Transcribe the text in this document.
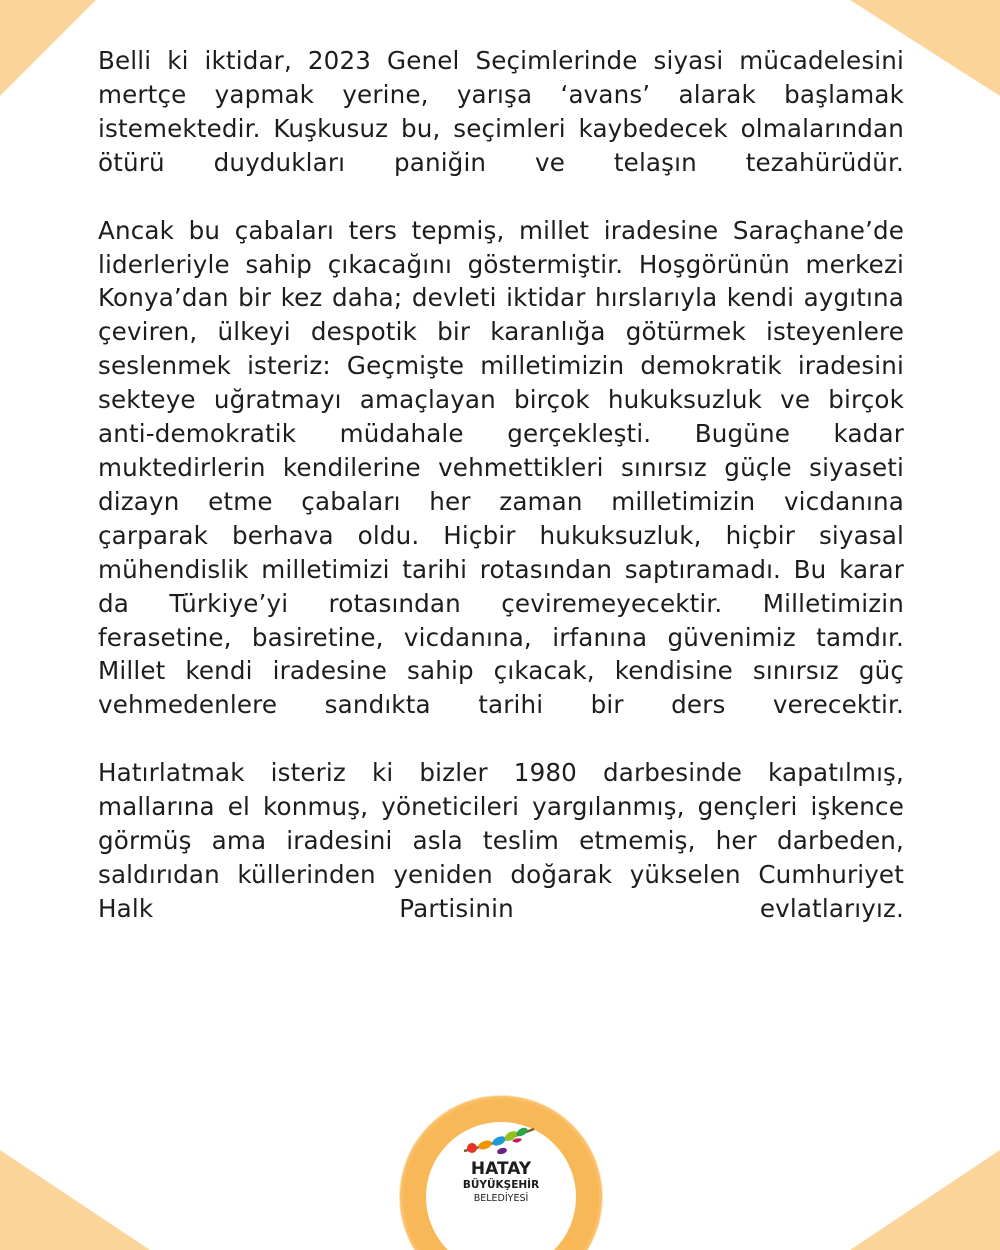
Belli ki iktidar, 2023 Genel Seçimlerinde siyasi mücadelesini mertçe yapmak yerine, yarışa ‘avans’ alarak başlamak istemektedir. Kuşkusuz bu, seçimleri kaybedecek olmalarından ötürü duydukları paniğin ve telaşın tezahürüdür.

Ancak bu çabaları ters tepmiş, millet iradesine Saraçhane’de liderleriyle sahip çıkacağını göstermiştir. Hoşgörünün merkezi Konya’dan bir kez daha; devleti iktidar hırslarıyla kendi aygıtına çeviren, ülkeyi despotik bir karanlığa götürmek isteyenlere seslenmek isteriz: Geçmişte milletimizin demokratik iradesini sekteye uğratmayı amaçlayan birçok hukuksuzluk ve birçok anti-demokratik müdahale gerçekleşti. Bugüne kadar muktedirlerin kendilerine vehmettikleri sınırsız güçle siyaseti dizayn etme çabaları her zaman milletimizin vicdanına çarparak berhava oldu. Hiçbir hukuksuzluk, hiçbir siyasal mühendislik milletimizi tarihi rotasından saptıramadı. Bu karar da Türkiye’yi rotasından çeviremeyecektir. Milletimizin ferasetine, basiretine, vicdanına, irfanına güvenimiz tamdır. Millet kendi iradesine sahip çıkacak, kendisine sınırsız güç vehmedenlere sandıkta tarihi bir ders verecektir.

Hatırlatmak isteriz ki bizler 1980 darbesinde kapatılmış, mallarına el konmuş, yöneticileri yargılanmış, gençleri işkence görmüş ama iradesini asla teslim etmemiş, her darbeden, saldırıdan küllerinden yeniden doğarak yükselen Cumhuriyet Halk Partisinin evlatlarıyız.

HATAY
BÜYÜKŞEHİR
BELEDİYESİ
